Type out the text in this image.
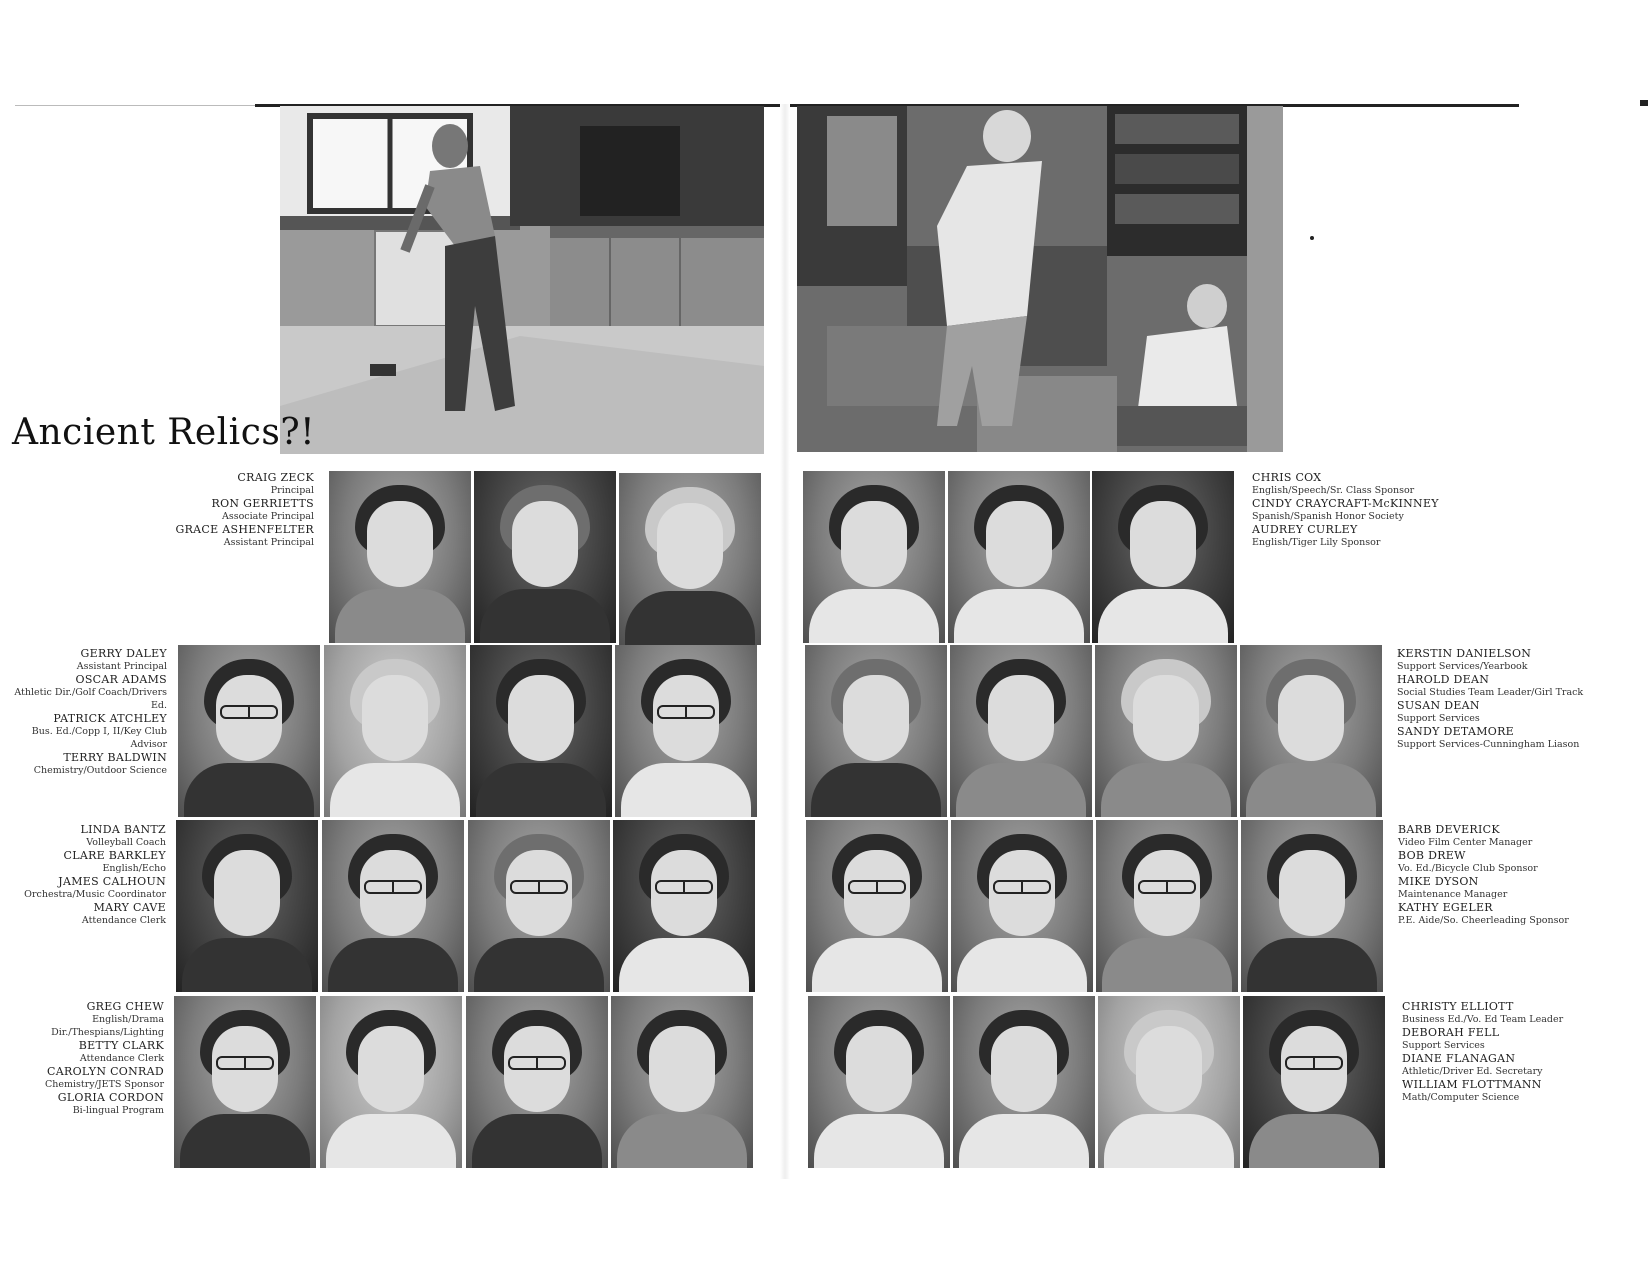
Ancient Relics?!
CRAIG ZECK
Principal
RON GERRIETTS
Associate Principal
GRACE ASHENFELTER
Assistant Principal
CHRIS COX
English/Speech/Sr. Class Sponsor
CINDY CRAYCRAFT-McKINNEY
Spanish/Spanish Honor Society
AUDREY CURLEY
English/Tiger Lily Sponsor
GERRY DALEY
Assistant Principal
OSCAR ADAMS
Athletic Dir./Golf Coach/Drivers Ed.
PATRICK ATCHLEY
Bus. Ed./Copp I, II/Key Club Advisor
TERRY BALDWIN
Chemistry/Outdoor Science
KERSTIN DANIELSON
Support Services/Yearbook
HAROLD DEAN
Social Studies Team Leader/Girl Track
SUSAN DEAN
Support Services
SANDY DETAMORE
Support Services-Cunningham Liason
LINDA BANTZ
Volleyball Coach
CLARE BARKLEY
English/Echo
JAMES CALHOUN
Orchestra/Music Coordinator
MARY CAVE
Attendance Clerk
BARB DEVERICK
Video Film Center Manager
BOB DREW
Vo. Ed./Bicycle Club Sponsor
MIKE DYSON
Maintenance Manager
KATHY EGELER
P.E. Aide/So. Cheerleading Sponsor
GREG CHEW
English/Drama Dir./Thespians/Lighting
BETTY CLARK
Attendance Clerk
CAROLYN CONRAD
Chemistry/JETS Sponsor
GLORIA CORDON
Bi-lingual Program
CHRISTY ELLIOTT
Business Ed./Vo. Ed Team Leader
DEBORAH FELL
Support Services
DIANE FLANAGAN
Athletic/Driver Ed. Secretary
WILLIAM FLOTTMANN
Math/Computer Science
